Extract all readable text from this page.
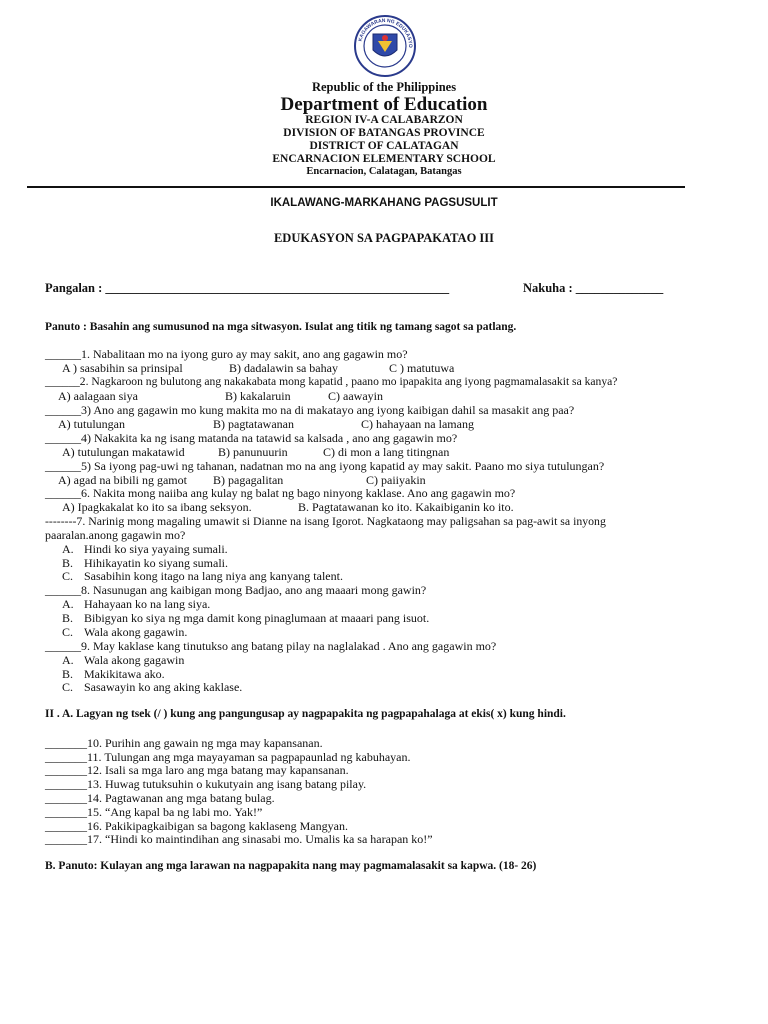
KAGAWARAN NG EDUKASYO
Republic of the Philippines
Department of Education
REGION IV-A CALABARZON
DIVISION OF BATANGAS PROVINCE
DISTRICT OF CALATAGAN
ENCARNACION ELEMENTARY SCHOOL
Encarnacion, Calatagan, Batangas
IKALAWANG-MARKAHANG PAGSUSULIT
EDUKASYON SA PAGPAPAKATAO III
Pangalan : _______________________________________________________	Nakuha : ______________
Panuto : Basahin ang sumusunod na mga sitwasyon. Isulat ang titik ng tamang sagot sa patlang.
______1. Nabalitaan mo na iyong guro ay may sakit, ano ang gagawin mo?
A ) sasabihin sa prinsipal	B) dadalawin sa bahay	C ) matutuwa
______2. Nagkaroon ng bulutong ang nakakabata mong kapatid , paano mo ipapakita ang iyong pagmamalasakit sa kanya?
A) aalagaan siya	B) kakalaruin	C) aawayin
______3) Ano ang gagawin mo kung makita mo na di makatayo ang iyong kaibigan dahil sa masakit ang paa?
A) tutulungan	B) pagtatawanan	C) hahayaan na lamang
______4) Nakakita ka ng isang matanda na tatawid sa kalsada , ano ang gagawin mo?
A) tutulungan makatawid	B) panunuurin	C) di mon a lang titingnan
______5) Sa iyong pag-uwi ng tahanan, nadatnan mo na ang iyong kapatid ay may sakit. Paano mo siya tutulungan?
A) agad na bibili ng gamot B) pagagalitan	C) paiiyakin
______6. Nakita mong naiiba ang kulay ng balat ng bago ninyong kaklase. Ano ang gagawin mo?
A) Ipagkakalat ko ito sa ibang seksyon.	B. Pagtatawanan ko ito. Kakaibiganin ko ito.
--------7. Narinig mong magaling umawit si Dianne na isang Igorot. Nagkataong may paligsahan sa pag-awit sa inyong
paaralan.anong gagawin mo?
A. Hindi ko siya yayaing sumali.
B. Hihikayatin ko siyang sumali.
C. Sasabihin kong itago na lang niya ang kanyang talent.
______8. Nasunugan ang kaibigan mong Badjao, ano ang maaari mong gawin?
A. Hahayaan ko na lang siya.
B. Bibigyan ko siya ng mga damit kong pinaglumaan at maaari pang isuot.
C. Wala akong gagawin.
______9. May kaklase kang tinutukso ang batang pilay na naglalakad . Ano ang gagawin mo?
A. Wala akong gagawin
B. Makikitawa ako.
C. Sasawayin ko ang aking kaklase.
II . A. Lagyan ng tsek (/ ) kung ang pangungusap ay nagpapakita ng pagpapahalaga at ekis( x) kung hindi.
_______10. Purihin ang gawain ng mga may kapansanan.
_______11. Tulungan ang mga mayayaman sa pagpapaunlad ng kabuhayan.
_______12. Isali sa mga laro ang mga batang may kapansanan.
_______13. Huwag tutuksuhin o kukutyain ang isang batang pilay.
_______14. Pagtawanan ang mga batang bulag.
_______15. “Ang kapal ba ng labi mo. Yak!”
_______16. Pakikipagkaibigan sa bagong kaklaseng Mangyan.
_______17. “Hindi ko maintindihan ang sinasabi mo. Umalis ka sa harapan ko!”
B. Panuto: Kulayan ang mga larawan na nagpapakita nang may pagmamalasakit sa kapwa. (18- 26)
